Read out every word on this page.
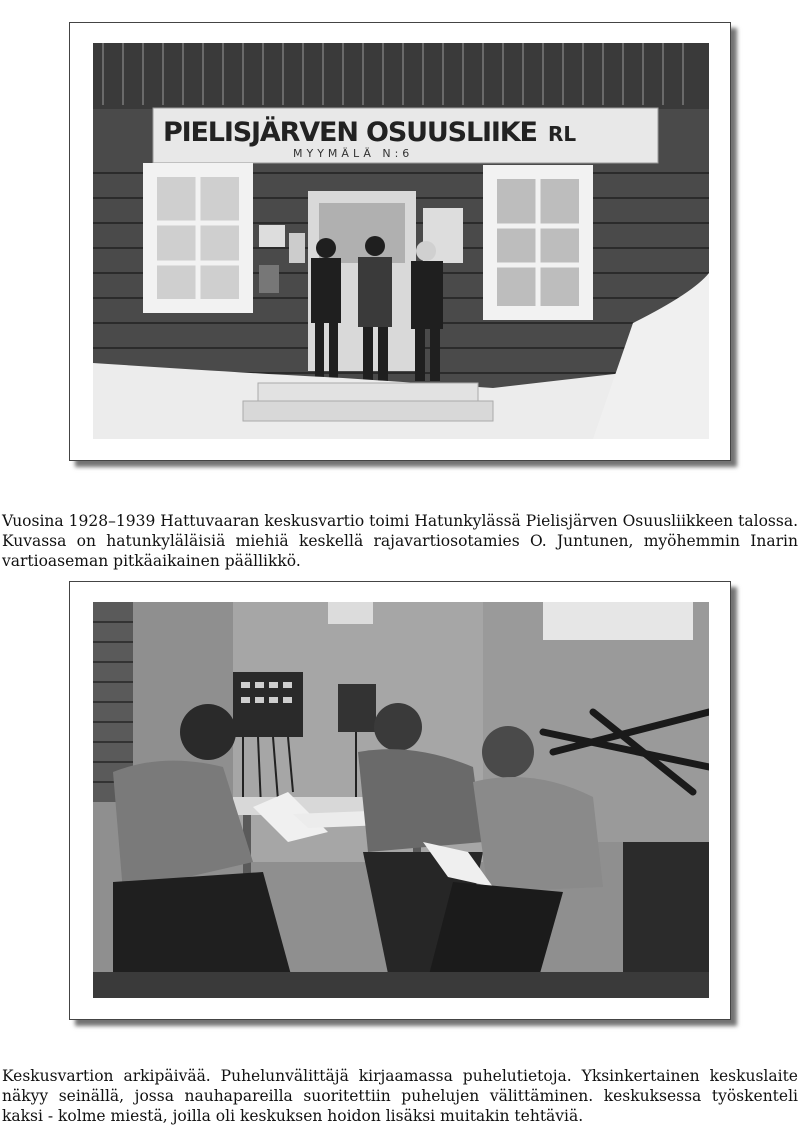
PIELISJÄRVEN OSUUSLIIKE RL
MYYMÄLÄ N:6

Vuosina 1928–1939 Hattuvaaran keskusvartio toimi Hatunkylässä Pielisjärven Osuusliikkeen talossa. Kuvassa on hatunkyläläisiä miehiä keskellä rajavartiosotamies O. Juntunen, myöhemmin Inarin vartioaseman pitkäaikainen päällikkö.

Keskusvartion arkipäivää. Puhelunvälittäjä kirjaamassa puhelutietoja. Yksinkertainen keskuslaite näkyy seinällä, jossa nauhapareilla suoritettiin puhelujen välittäminen. keskuksessa työskenteli kaksi - kolme miestä, joilla oli keskuksen hoidon lisäksi muitakin tehtäviä.
